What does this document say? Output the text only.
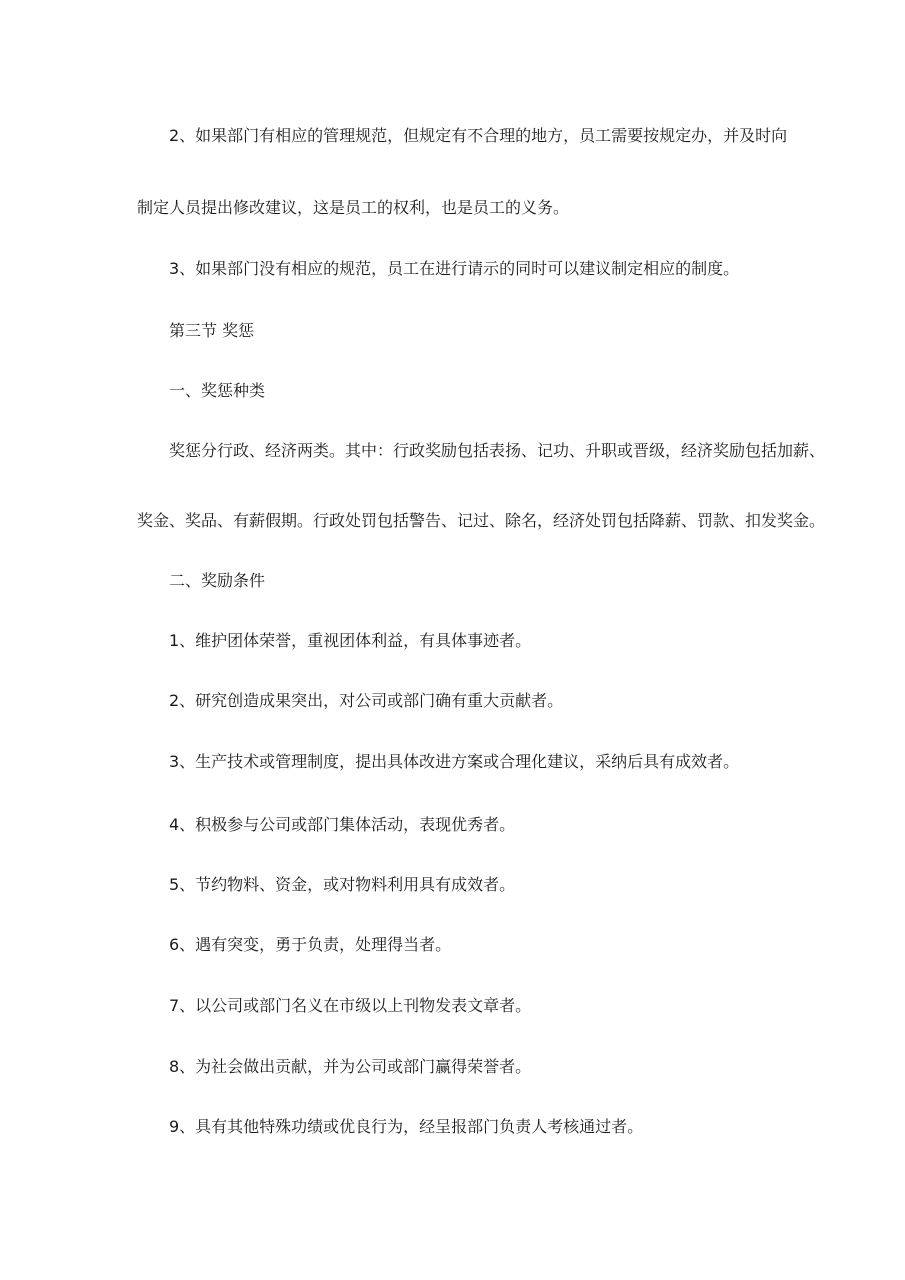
2、如果部门有相应的管理规范，但规定有不合理的地方，员工需要按规定办，并及时向
制定人员提出修改建议，这是员工的权利，也是员工的义务。
3、如果部门没有相应的规范，员工在进行请示的同时可以建议制定相应的制度。
第三节 奖惩
一、奖惩种类
奖惩分行政、经济两类。其中：行政奖励包括表扬、记功、升职或晋级，经济奖励包括加薪、
奖金、奖品、有薪假期。行政处罚包括警告、记过、除名，经济处罚包括降薪、罚款、扣发奖金。
二、奖励条件
1、维护团体荣誉，重视团体利益，有具体事迹者。
2、研究创造成果突出，对公司或部门确有重大贡献者。
3、生产技术或管理制度，提出具体改进方案或合理化建议，采纳后具有成效者。
4、积极参与公司或部门集体活动，表现优秀者。
5、节约物料、资金，或对物料利用具有成效者。
6、遇有突变，勇于负责，处理得当者。
7、以公司或部门名义在市级以上刊物发表文章者。
8、为社会做出贡献，并为公司或部门赢得荣誉者。
9、具有其他特殊功绩或优良行为，经呈报部门负责人考核通过者。
